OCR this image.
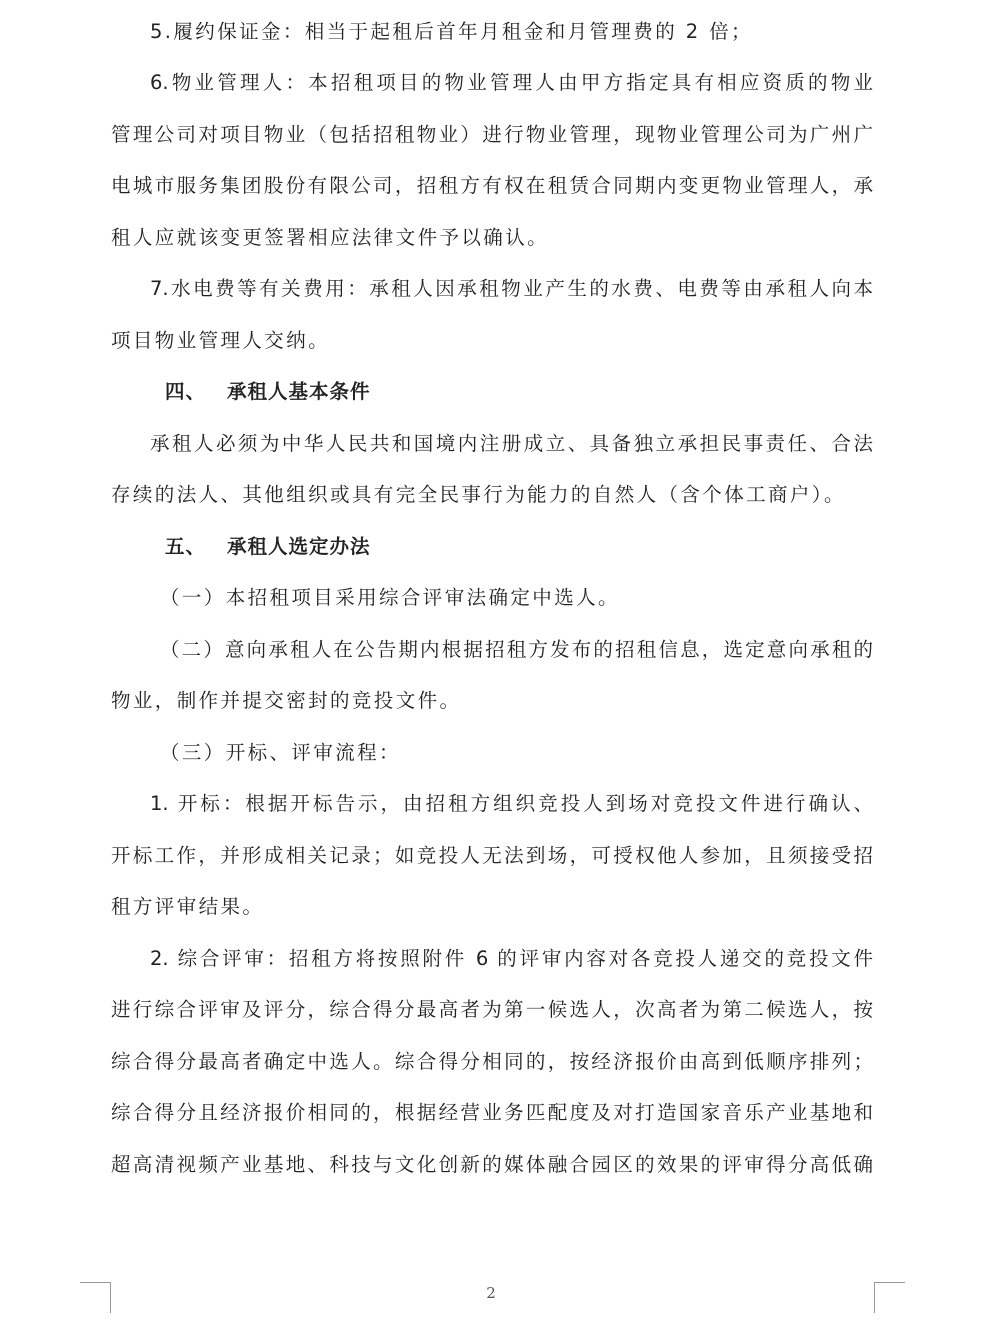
5.履约保证金：相当于起租后首年月租金和月管理费的 2 倍；
6.物业管理人：本招租项目的物业管理人由甲方指定具有相应资质的物业
管理公司对项目物业（包括招租物业）进行物业管理，现物业管理公司为广州广
电城市服务集团股份有限公司，招租方有权在租赁合同期内变更物业管理人，承
租人应就该变更签署相应法律文件予以确认。
7.水电费等有关费用：承租人因承租物业产生的水费、电费等由承租人向本
项目物业管理人交纳。
四、 承租人基本条件
承租人必须为中华人民共和国境内注册成立、具备独立承担民事责任、合法
存续的法人、其他组织或具有完全民事行为能力的自然人（含个体工商户）。
五、 承租人选定办法
（一）本招租项目采用综合评审法确定中选人。
（二）意向承租人在公告期内根据招租方发布的招租信息，选定意向承租的
物业，制作并提交密封的竞投文件。
（三）开标、评审流程：
1. 开标：根据开标告示，由招租方组织竞投人到场对竞投文件进行确认、
开标工作，并形成相关记录；如竞投人无法到场，可授权他人参加，且须接受招
租方评审结果。
2. 综合评审：招租方将按照附件 6 的评审内容对各竞投人递交的竞投文件
进行综合评审及评分，综合得分最高者为第一候选人，次高者为第二候选人，按
综合得分最高者确定中选人。综合得分相同的，按经济报价由高到低顺序排列；
综合得分且经济报价相同的，根据经营业务匹配度及对打造国家音乐产业基地和
超高清视频产业基地、科技与文化创新的媒体融合园区的效果的评审得分高低确
2
